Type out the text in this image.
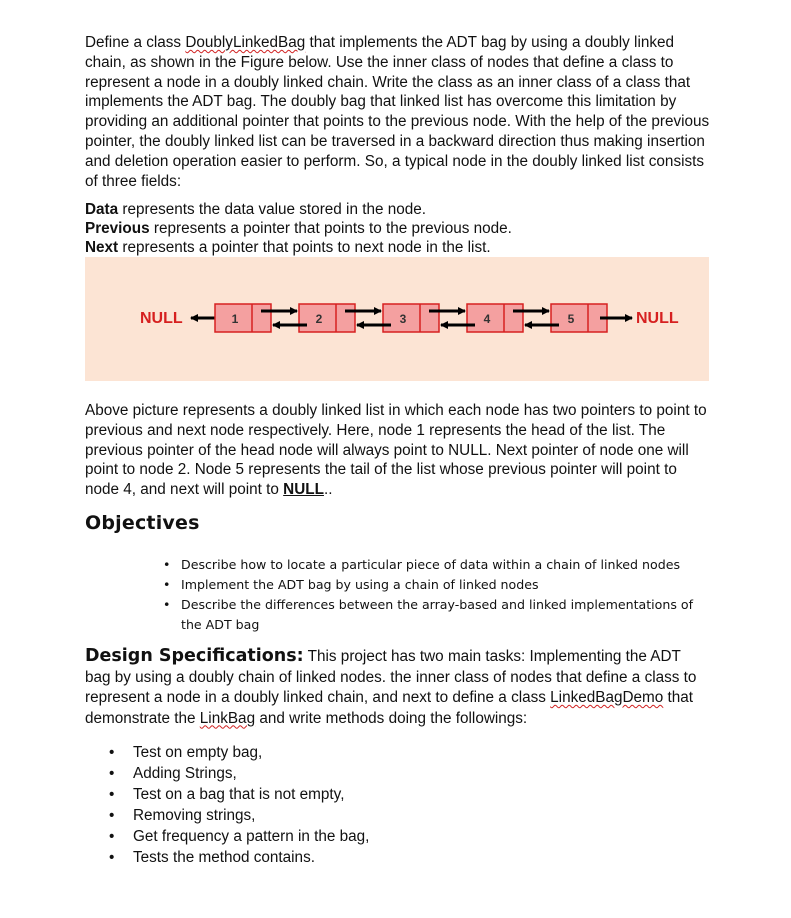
Define a class DoublyLinkedBag that implements the ADT bag by using a doubly linked chain, as shown in the Figure below. Use the inner class of nodes that define a class to represent a node in a doubly linked chain. Write the class as an inner class of a class that implements the ADT bag. The doubly bag that linked list has overcome this limitation by providing an additional pointer that points to the previous node. With the help of the previous pointer, the doubly linked list can be traversed in a backward direction thus making insertion and deletion operation easier to perform. So, a typical node in the doubly linked list consists of three fields:

Data represents the data value stored in the node.

Previous represents a pointer that points to the previous node.

Next represents a pointer that points to next node in the list.

NULL	1	2	3	4	5	NULL

Above picture represents a doubly linked list in which each node has two pointers to point to previous and next node respectively. Here, node 1 represents the head of the list. The previous pointer of the head node will always point to NULL. Next pointer of node one will point to node 2. Node 5 represents the tail of the list whose previous pointer will point to node 4, and next will point to NULL..

Objectives
• Describe how to locate a particular piece of data within a chain of linked nodes
• Implement the ADT bag by using a chain of linked nodes
• Describe the differences between the array-based and linked implementations of the ADT bag

Design Specifications: This project has two main tasks: Implementing the ADT bag by using a doubly chain of linked nodes. the inner class of nodes that define a class to represent a node in a doubly linked chain, and next to define a class LinkedBagDemo that demonstrate the LinkBag and write methods doing the followings:

• Test on empty bag,
• Adding Strings,
• Test on a bag that is not empty,
• Removing strings,
• Get frequency a pattern in the bag,
• Tests the method contains.
